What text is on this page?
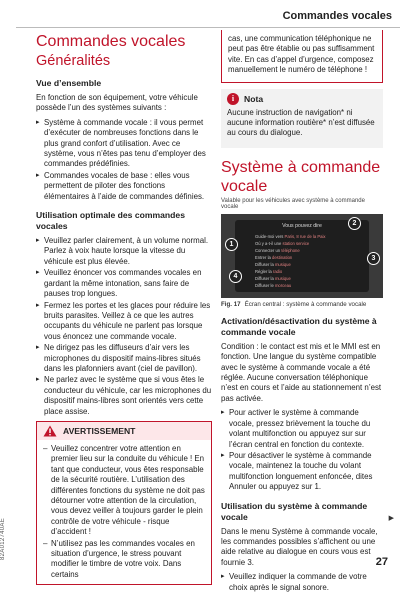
Commandes vocales
Commandes vocales
Généralités
Vue d’ensemble

En fonction de son équipement, votre véhicule possède l’un des systèmes suivants :

▸ Système à commande vocale : il vous permet d’exécuter de nombreuses fonctions dans le plus grand confort d’utilisation. Avec ce système, vous n’êtes pas tenu d’employer des commandes prédéfinies.
▸ Commandes vocales de base : elles vous permettent de piloter des fonctions élémentaires à l’aide de commandes définies.
Utilisation optimale des commandes vocales
▸ Veuillez parler clairement, à un volume normal. Parlez à voix haute lorsque la vitesse du véhicule est plus élevée.
▸ Veuillez énoncer vos commandes vocales en gardant la même intonation, sans faire de pauses trop longues.
▸ Fermez les portes et les glaces pour réduire les bruits parasites. Veillez à ce que les autres occupants du véhicule ne parlent pas lorsque vous énoncez une commande vocale.
▸ Ne dirigez pas les diffuseurs d’air vers les microphones du dispositif mains-libres situés dans les plafonniers avant (ciel de pavillon).
▸ Ne parlez avec le système que si vous êtes le conducteur du véhicule, car les microphones du dispositif mains-libres sont orientés vers cette place assise.
AVERTISSEMENT
– Veuillez concentrer votre attention en premier lieu sur la conduite du véhicule ! En tant que conducteur, vous êtes responsable de la sécurité routière. L’utilisation des différentes fonctions du système ne doit pas détourner votre attention de la circulation, vous devez veiller à toujours garder le plein contrôle de votre véhicule - risque d’accident !
– N’utilisez pas les commandes vocales en situation d’urgence, le stress pouvant modifier le timbre de votre voix. Dans certains

cas, une communication téléphonique ne peut pas être établie ou pas suffisamment vite. En cas d’appel d’urgence, composez manuellement le numéro de téléphone !

i	Nota

Aucune instruction de navigation* ni aucune information routière* n’est diffusée au cours du dialogue.

Système à commande vocale
Valable pour les véhicules avec système à commande vocale
Vous pouvez dire
Guide-moi vers Paris, 8 rue de la Paix
Où y a-t-il une station service
Connecter un téléphone
Entrer la destination
Diffuser la musique
Régler la radio
Diffuser la musique
Diffuser le morceau
1
2
3
4
Fig. 17 Écran central : système à commande vocale
Activation/désactivation du système à commande vocale

Condition : le contact est mis et le MMI est en fonction. Une langue du système compatible avec le système à commande vocale a été réglée. Aucune conversation téléphonique n’est en cours et l’aide au stationnement n’est pas activée.

▸ Pour activer le système à commande vocale, pressez brièvement la touche du volant multifonction ou appuyez sur sur l’écran central en fonction du contexte.
▸ Pour désactiver le système à commande vocale, maintenez la touche du volant multifonction longuement enfoncée, dites Annuler ou appuyez sur 1.
Utilisation du système à commande vocale

Dans le menu Système à commande vocale, les commandes possibles s’affichent ou une aide relative au dialogue en cours vous est fournie 3.

▸ Veuillez indiquer la commande de votre choix après le signal sonore.
▶
82A012740AE
27
